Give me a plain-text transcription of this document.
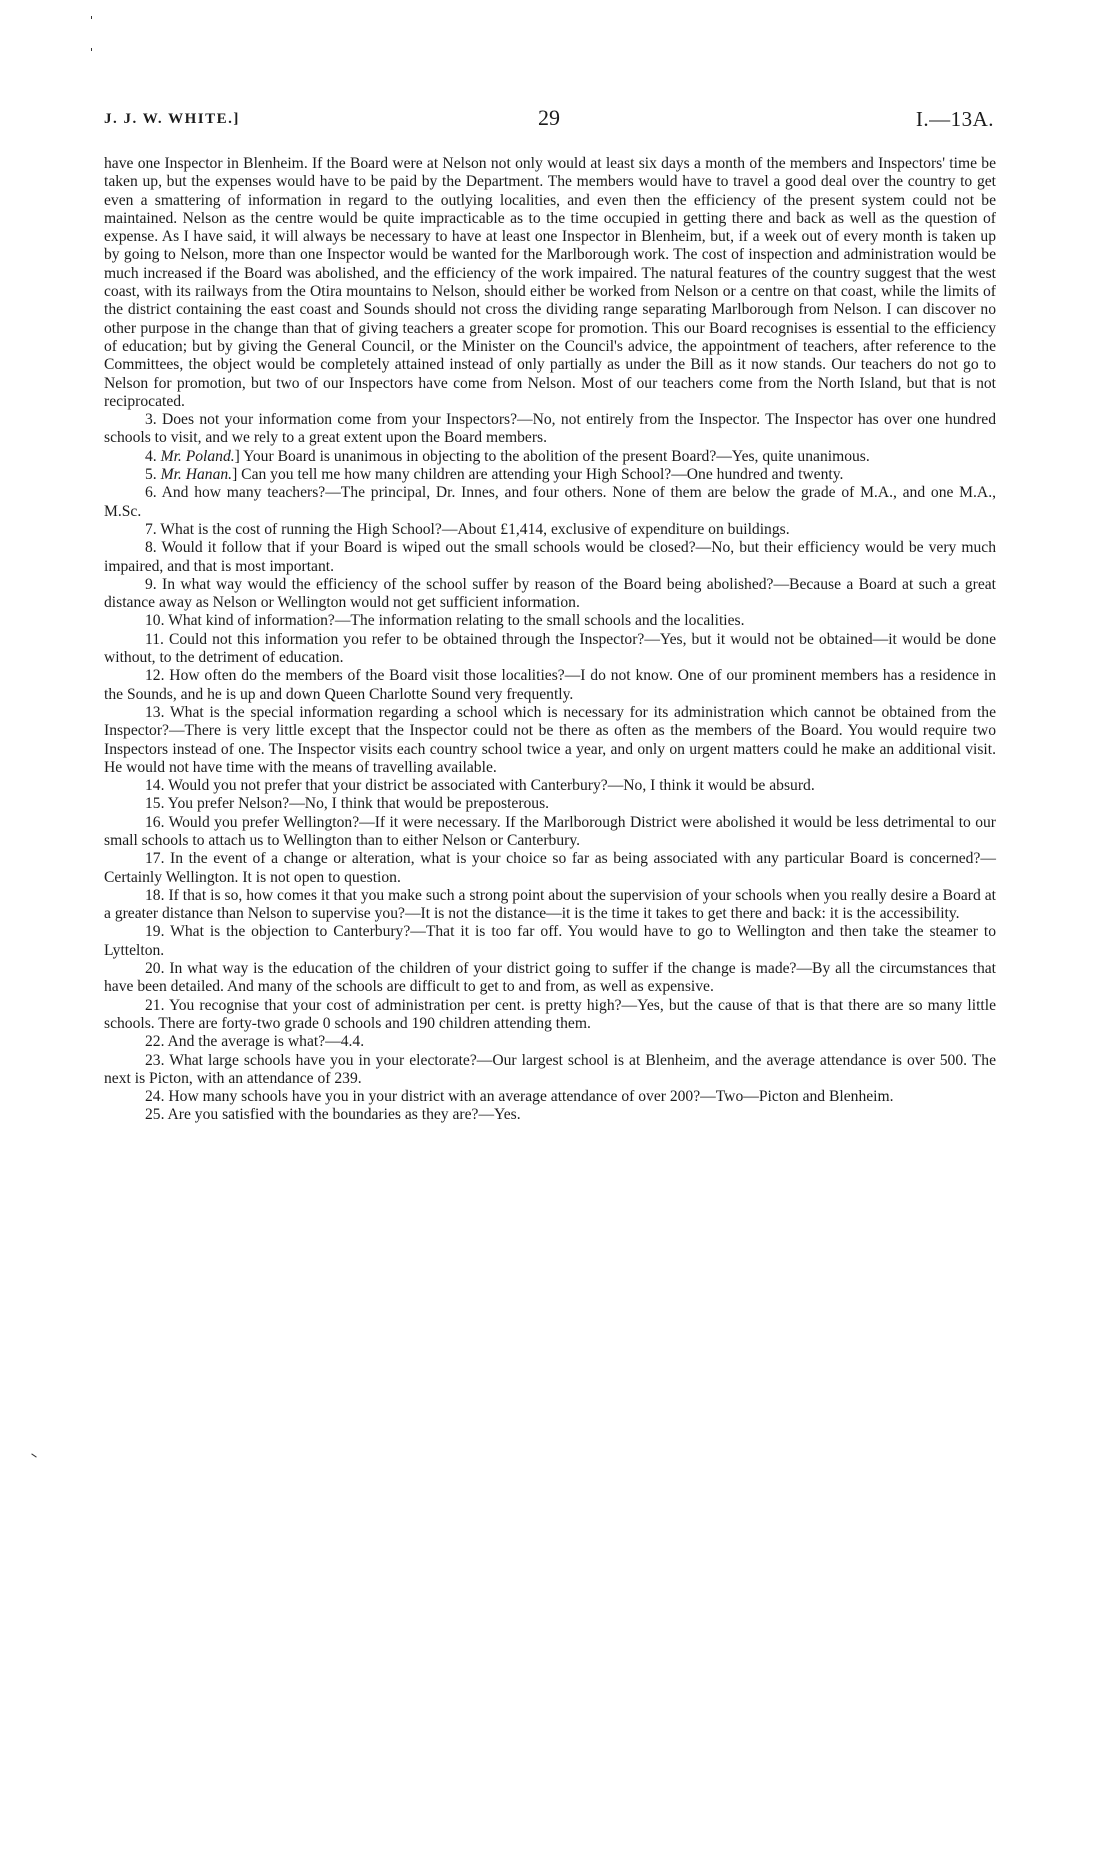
J. J. W. WHITE.]	29	I.—13A.

have one Inspector in Blenheim. If the Board were at Nelson not only would at least six days a month of the members and Inspectors' time be taken up, but the expenses would have to be paid by the Department. The members would have to travel a good deal over the country to get even a smattering of information in regard to the outlying localities, and even then the efficiency of the present system could not be maintained. Nelson as the centre would be quite impracticable as to the time occupied in getting there and back as well as the question of expense. As I have said, it will always be necessary to have at least one Inspector in Blenheim, but, if a week out of every month is taken up by going to Nelson, more than one Inspector would be wanted for the Marlborough work. The cost of inspection and administration would be much increased if the Board was abolished, and the efficiency of the work impaired. The natural features of the country suggest that the west coast, with its railways from the Otira mountains to Nelson, should either be worked from Nelson or a centre on that coast, while the limits of the district containing the east coast and Sounds should not cross the dividing range separating Marlborough from Nelson. I can discover no other purpose in the change than that of giving teachers a greater scope for promotion. This our Board recognises is essential to the efficiency of education; but by giving the General Council, or the Minister on the Council's advice, the appointment of teachers, after reference to the Committees, the object would be completely attained instead of only partially as under the Bill as it now stands. Our teachers do not go to Nelson for promotion, but two of our Inspectors have come from Nelson. Most of our teachers come from the North Island, but that is not reciprocated.

3. Does not your information come from your Inspectors?—No, not entirely from the Inspector. The Inspector has over one hundred schools to visit, and we rely to a great extent upon the Board members.

4. Mr. Poland.] Your Board is unanimous in objecting to the abolition of the present Board?—Yes, quite unanimous.

5. Mr. Hanan.] Can you tell me how many children are attending your High School?—One hundred and twenty.

6. And how many teachers?—The principal, Dr. Innes, and four others. None of them are below the grade of M.A., and one M.A., M.Sc.

7. What is the cost of running the High School?—About £1,414, exclusive of expenditure on buildings.

8. Would it follow that if your Board is wiped out the small schools would be closed?—No, but their efficiency would be very much impaired, and that is most important.

9. In what way would the efficiency of the school suffer by reason of the Board being abolished?—Because a Board at such a great distance away as Nelson or Wellington would not get sufficient information.

10. What kind of information?—The information relating to the small schools and the localities.

11. Could not this information you refer to be obtained through the Inspector?—Yes, but it would not be obtained—it would be done without, to the detriment of education.

12. How often do the members of the Board visit those localities?—I do not know. One of our prominent members has a residence in the Sounds, and he is up and down Queen Charlotte Sound very frequently.

13. What is the special information regarding a school which is necessary for its administration which cannot be obtained from the Inspector?—There is very little except that the Inspector could not be there as often as the members of the Board. You would require two Inspectors instead of one. The Inspector visits each country school twice a year, and only on urgent matters could he make an additional visit. He would not have time with the means of travelling available.

14. Would you not prefer that your district be associated with Canterbury?—No, I think it would be absurd.

15. You prefer Nelson?—No, I think that would be preposterous.

16. Would you prefer Wellington?—If it were necessary. If the Marlborough District were abolished it would be less detrimental to our small schools to attach us to Wellington than to either Nelson or Canterbury.

17. In the event of a change or alteration, what is your choice so far as being associated with any particular Board is concerned?—Certainly Wellington. It is not open to question.

18. If that is so, how comes it that you make such a strong point about the supervision of your schools when you really desire a Board at a greater distance than Nelson to supervise you?—It is not the distance—it is the time it takes to get there and back: it is the accessibility.

19. What is the objection to Canterbury?—That it is too far off. You would have to go to Wellington and then take the steamer to Lyttelton.

20. In what way is the education of the children of your district going to suffer if the change is made?—By all the circumstances that have been detailed. And many of the schools are difficult to get to and from, as well as expensive.

21. You recognise that your cost of administration per cent. is pretty high?—Yes, but the cause of that is that there are so many little schools. There are forty-two grade 0 schools and 190 children attending them.

22. And the average is what?—4.4.

23. What large schools have you in your electorate?—Our largest school is at Blenheim, and the average attendance is over 500. The next is Picton, with an attendance of 239.

24. How many schools have you in your district with an average attendance of over 200?—Two—Picton and Blenheim.

25. Are you satisfied with the boundaries as they are?—Yes.
